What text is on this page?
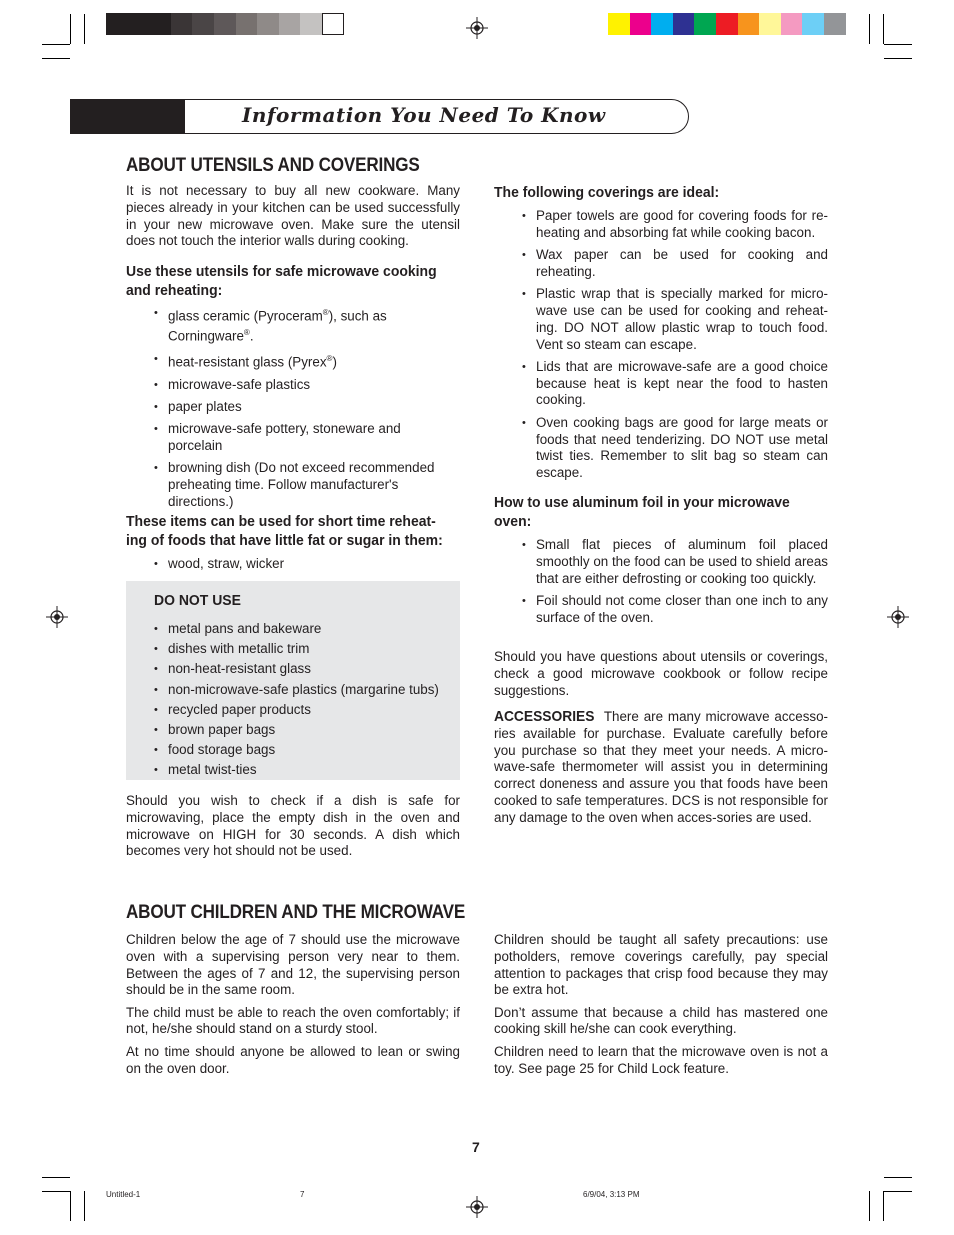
Information You Need To Know
ABOUT UTENSILS AND COVERINGS

It is not necessary to buy all new cookware. Many pieces already in your kitchen can be used successfully in your new microwave oven. Make sure the utensil does not touch the interior walls during cooking.

Use these utensils for safe microwave cooking
and reheating:

• glass ceramic (Pyroceram®), such as
Corningware®.
• heat-resistant glass (Pyrex®)
• microwave-safe plastics
• paper plates
• microwave-safe pottery, stoneware and
porcelain
• browning dish (Do not exceed recommended
preheating time. Follow manufacturer's
directions.)

These items can be used for short time reheat-
ing of foods that have little fat or sugar in them:

• wood, straw, wicker

DO NOT USE

• metal pans and bakeware
• dishes with metallic trim
• non-heat-resistant glass
• non-microwave-safe plastics (margarine tubs)
• recycled paper products
• brown paper bags
• food storage bags
• metal twist-ties

Should you wish to check if a dish is safe for microwaving, place the empty dish in the oven and microwave on HIGH for 30 seconds. A dish which becomes very hot should not be used.

The following coverings are ideal:

• Paper towels are good for covering foods for re-heating and absorbing fat while cooking bacon.
• Wax paper can be used for cooking and reheating.
• Plastic wrap that is specially marked for micro-wave use can be used for cooking and reheat-ing. DO NOT allow plastic wrap to touch food. Vent so steam can escape.
• Lids that are microwave-safe are a good choice because heat is kept near the food to hasten cooking.
• Oven cooking bags are good for large meats or foods that need tenderizing. DO NOT use metal twist ties. Remember to slit bag so steam can escape.

How to use aluminum foil in your microwave
oven:

• Small flat pieces of aluminum foil placed smoothly on the food can be used to shield areas that are either defrosting or cooking too quickly.
• Foil should not come closer than one inch to any surface of the oven.

Should you have questions about utensils or coverings, check a good microwave cookbook or follow recipe suggestions.

ACCESSORIES There are many microwave accesso-ries available for purchase. Evaluate carefully before you purchase so that they meet your needs. A micro-wave-safe thermometer will assist you in determining correct doneness and assure you that foods have been cooked to safe temperatures. DCS is not responsible for any damage to the oven when acces-sories are used.

ABOUT CHILDREN AND THE MICROWAVE

Children below the age of 7 should use the microwave oven with a supervising person very near to them. Between the ages of 7 and 12, the supervising person should be in the same room.

The child must be able to reach the oven comfortably; if not, he/she should stand on a sturdy stool.

At no time should anyone be allowed to lean or swing on the oven door.

Children should be taught all safety precautions: use potholders, remove coverings carefully, pay special attention to packages that crisp food because they may be extra hot.

Don’t assume that because a child has mastered one cooking skill he/she can cook everything.

Children need to learn that the microwave oven is not a toy. See page 25 for Child Lock feature.

7
Untitled-1	7	6/9/04, 3:13 PM
